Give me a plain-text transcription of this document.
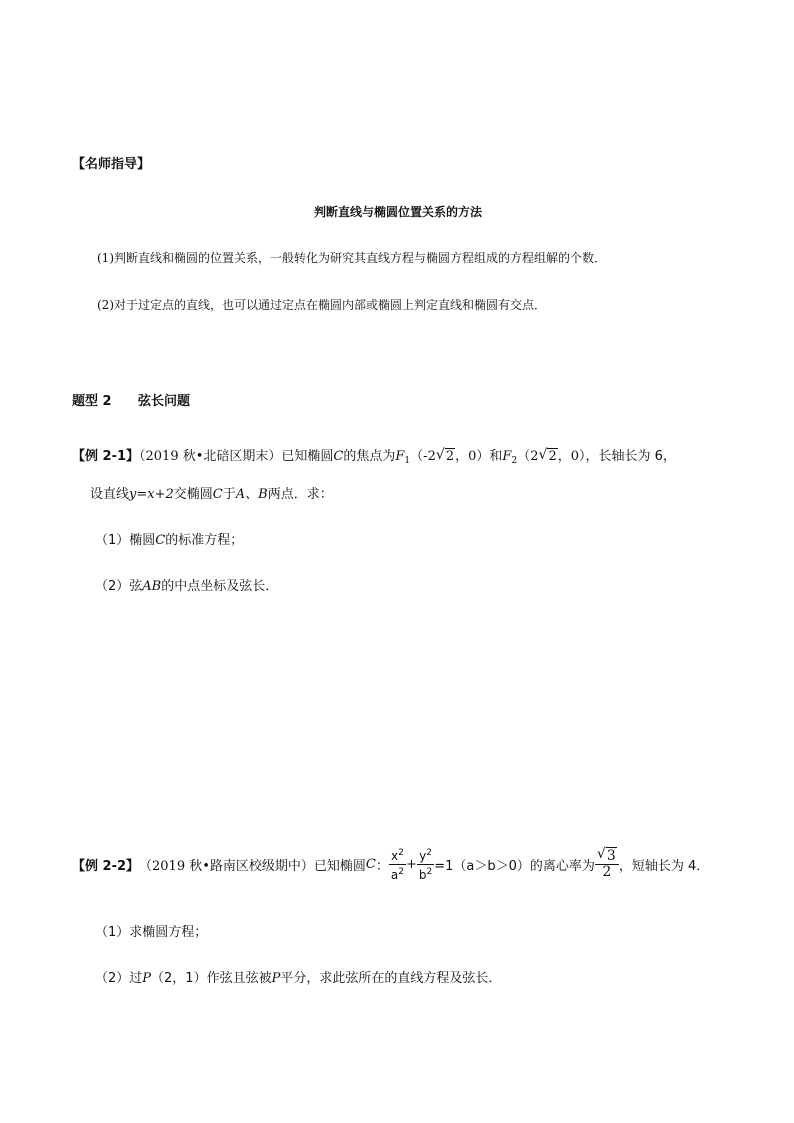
【名师指导】
判断直线与椭圆位置关系的方法
(1)判断直线和椭圆的位置关系，一般转化为研究其直线方程与椭圆方程组成的方程组解的个数．
(2)对于过定点的直线，也可以通过定点在椭圆内部或椭圆上判定直线和椭圆有交点．
题型 2 弦长问题
【例 2-1】（2019 秋•北碚区期末）已知椭圆C的焦点为$F_1(-2√$ 2，0）和$F_2(2√$ 2，0），长轴长为 6，
设直线y=x+2交椭圆C于A、B两点．求：
（1）椭圆C的标准方程；
（2）弦AB的中点坐标及弦长．
【例 2-2】 （2019 秋•路南区校级期中） 已知椭圆 C ： $\frac{x^2}{a^2} + \frac{y^2}{b^2} =1(a>b>0)$ 的离心率为
√ $\frac{3}{2}$ ，短轴长为 4．
（1）求椭圆方程；
（2）过P（2，1）作弦且弦被P平分，求此弦所在的直线方程及弦长．
